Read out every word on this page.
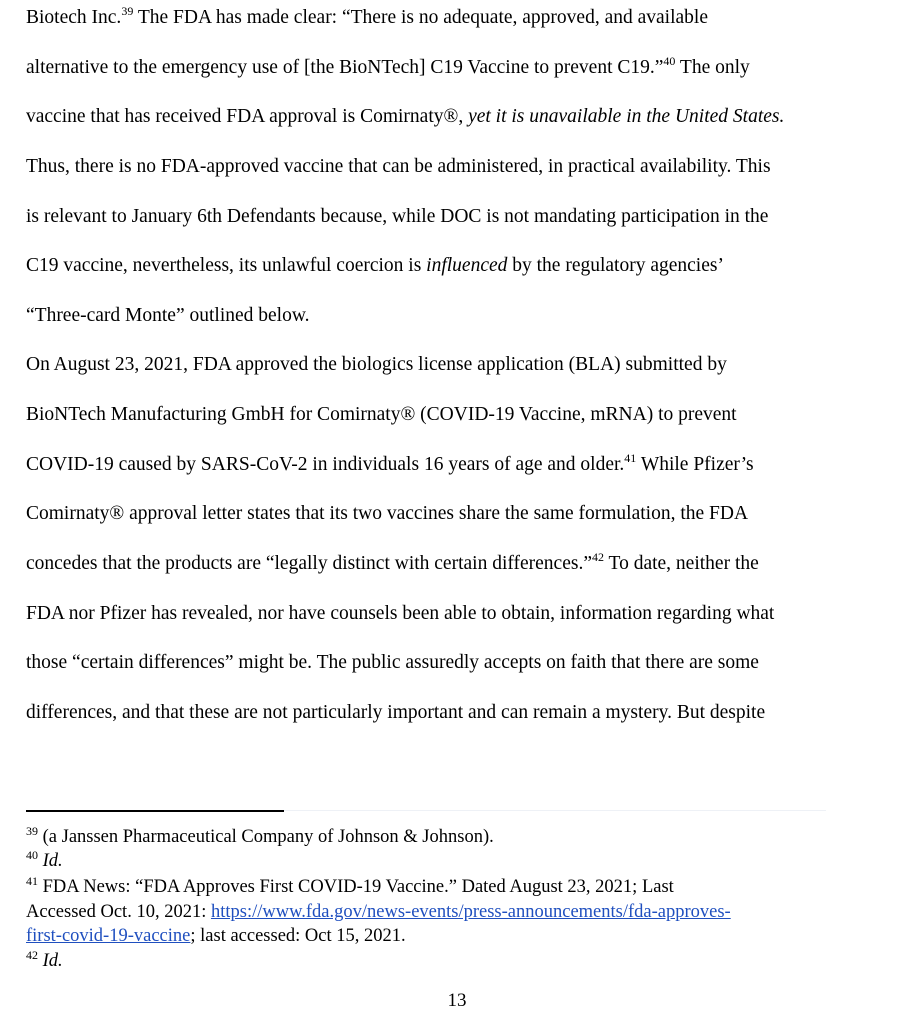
Biotech Inc.$^{39}$ The FDA has made clear: “There is no adequate, approved, and available
alternative to the emergency use of [the BioNTech] C19 Vaccine to prevent C19.”$^{40}$ The only
vaccine that has received FDA approval is Comirnaty®, yet it is unavailable in the United States.
Thus, there is no FDA-approved vaccine that can be administered, in practical availability. This
is relevant to January 6th Defendants because, while DOC is not mandating participation in the
C19 vaccine, nevertheless, its unlawful coercion is influenced by the regulatory agencies’
“Three-card Monte” outlined below.
On August 23, 2021, FDA approved the biologics license application (BLA) submitted by
BioNTech Manufacturing GmbH for Comirnaty® (COVID-19 Vaccine, mRNA) to prevent
COVID-19 caused by SARS-CoV-2 in individuals 16 years of age and older.$^{41}$ While Pfizer’s
Comirnaty® approval letter states that its two vaccines share the same formulation, the FDA
concedes that the products are “legally distinct with certain differences.”$^{42}$ To date, neither the
FDA nor Pfizer has revealed, nor have counsels been able to obtain, information regarding what
those “certain differences” might be. The public assuredly accepts on faith that there are some
differences, and that these are not particularly important and can remain a mystery. But despite
$^{39}$ (a Janssen Pharmaceutical Company of Johnson & Johnson).
$^{40}$ Id.
$^{41}$ FDA News: “FDA Approves First COVID-19 Vaccine.” Dated August 23, 2021; Last
Accessed Oct. 10, 2021: https://www.fda.gov/news-events/press-announcements/fda-approves-
first-covid-19-vaccine; last accessed: Oct 15, 2021.
$^{42}$ Id.
13
